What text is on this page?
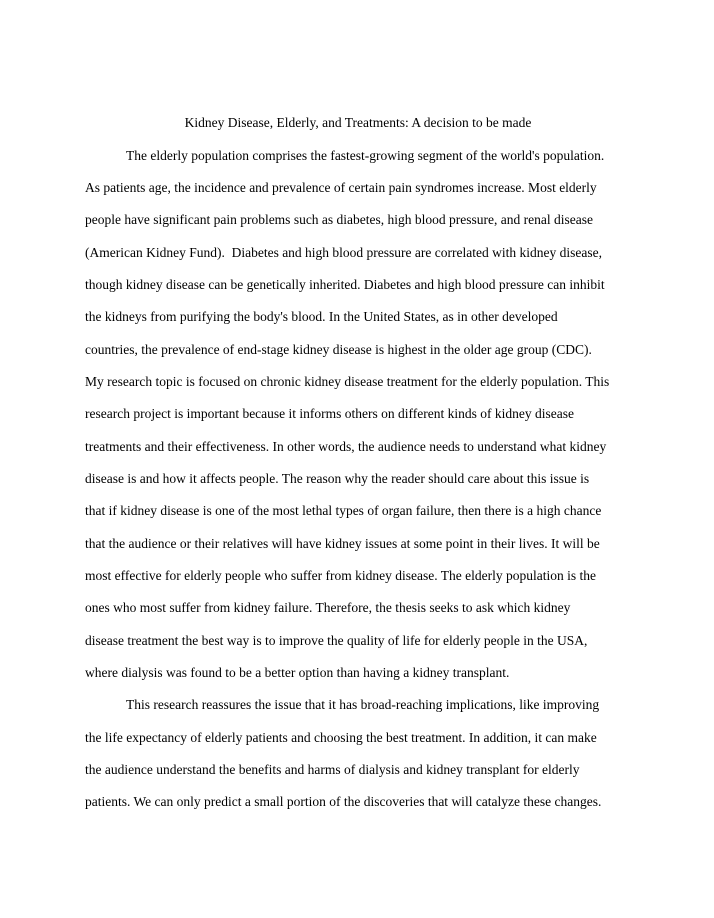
Kidney Disease, Elderly, and Treatments: A decision to be made
The elderly population comprises the fastest-growing segment of the world's population.
As patients age, the incidence and prevalence of certain pain syndromes increase. Most elderly
people have significant pain problems such as diabetes, high blood pressure, and renal disease
(American Kidney Fund).  Diabetes and high blood pressure are correlated with kidney disease,
though kidney disease can be genetically inherited. Diabetes and high blood pressure can inhibit
the kidneys from purifying the body's blood. In the United States, as in other developed
countries, the prevalence of end-stage kidney disease is highest in the older age group (CDC).
My research topic is focused on chronic kidney disease treatment for the elderly population. This
research project is important because it informs others on different kinds of kidney disease
treatments and their effectiveness. In other words, the audience needs to understand what kidney
disease is and how it affects people. The reason why the reader should care about this issue is
that if kidney disease is one of the most lethal types of organ failure, then there is a high chance
that the audience or their relatives will have kidney issues at some point in their lives. It will be
most effective for elderly people who suffer from kidney disease. The elderly population is the
ones who most suffer from kidney failure. Therefore, the thesis seeks to ask which kidney
disease treatment the best way is to improve the quality of life for elderly people in the USA,
where dialysis was found to be a better option than having a kidney transplant.
This research reassures the issue that it has broad-reaching implications, like improving
the life expectancy of elderly patients and choosing the best treatment. In addition, it can make
the audience understand the benefits and harms of dialysis and kidney transplant for elderly
patients. We can only predict a small portion of the discoveries that will catalyze these changes.
